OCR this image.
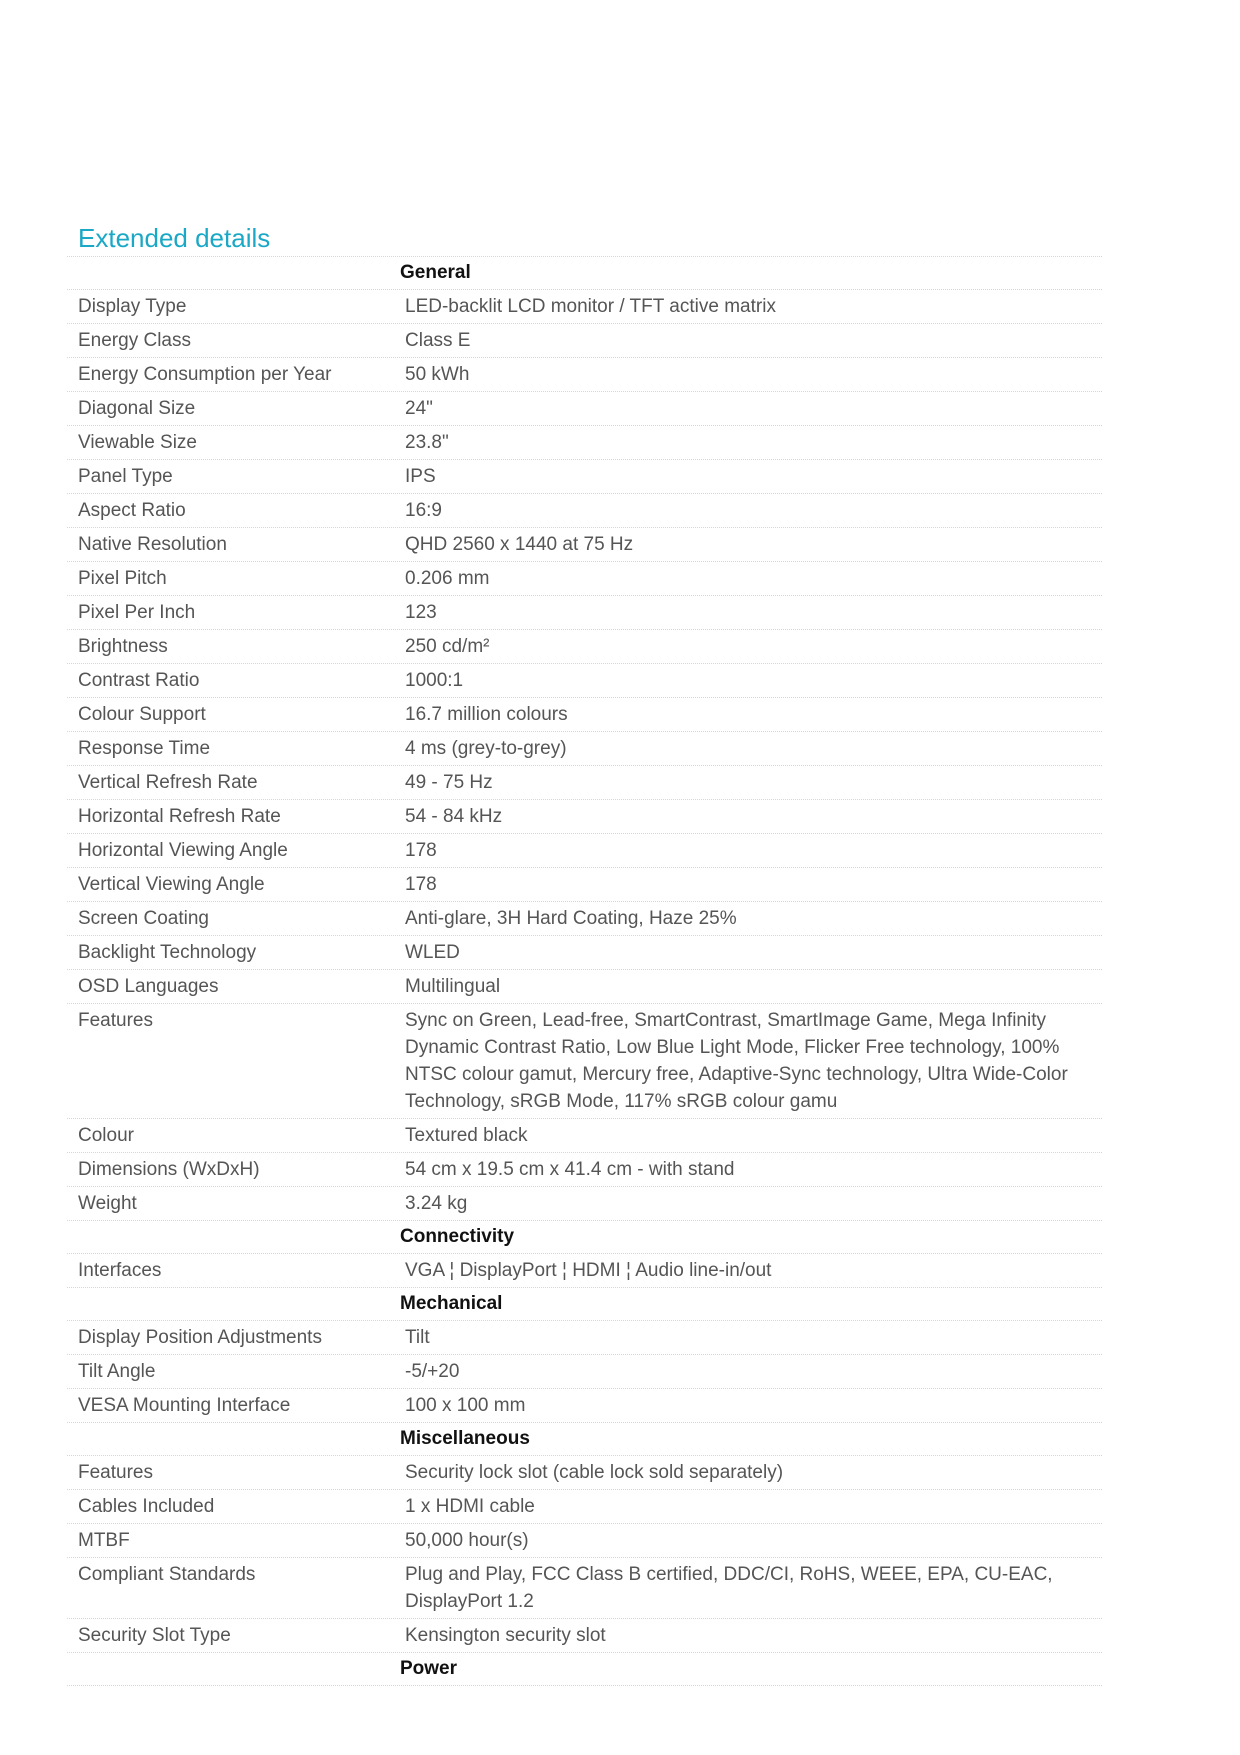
Extended details
General
Display Type	LED-backlit LCD monitor / TFT active matrix
Energy Class	Class E
Energy Consumption per Year	50 kWh
Diagonal Size	24"
Viewable Size	23.8"
Panel Type	IPS
Aspect Ratio	16:9
Native Resolution	QHD 2560 x 1440 at 75 Hz
Pixel Pitch	0.206 mm
Pixel Per Inch	123
Brightness	250 cd/m²
Contrast Ratio	1000:1
Colour Support	16.7 million colours
Response Time	4 ms (grey-to-grey)
Vertical Refresh Rate	49 - 75 Hz
Horizontal Refresh Rate	54 - 84 kHz
Horizontal Viewing Angle	178
Vertical Viewing Angle	178
Screen Coating	Anti-glare, 3H Hard Coating, Haze 25%
Backlight Technology	WLED
OSD Languages	Multilingual
Features	Sync on Green, Lead-free, SmartContrast, SmartImage Game, Mega Infinity Dynamic Contrast Ratio, Low Blue Light Mode, Flicker Free technology, 100% NTSC colour gamut, Mercury free, Adaptive-Sync technology, Ultra Wide-Color Technology, sRGB Mode, 117% sRGB colour gamu
Colour	Textured black
Dimensions (WxDxH)	54 cm x 19.5 cm x 41.4 cm - with stand
Weight	3.24 kg
Connectivity
Interfaces	VGA ¦ DisplayPort ¦ HDMI ¦ Audio line-in/out
Mechanical
Display Position Adjustments	Tilt
Tilt Angle	-5/+20
VESA Mounting Interface	100 x 100 mm
Miscellaneous
Features	Security lock slot (cable lock sold separately)
Cables Included	1 x HDMI cable
MTBF	50,000 hour(s)
Compliant Standards	Plug and Play, FCC Class B certified, DDC/CI, RoHS, WEEE, EPA, CU-EAC, DisplayPort 1.2
Security Slot Type	Kensington security slot
Power
